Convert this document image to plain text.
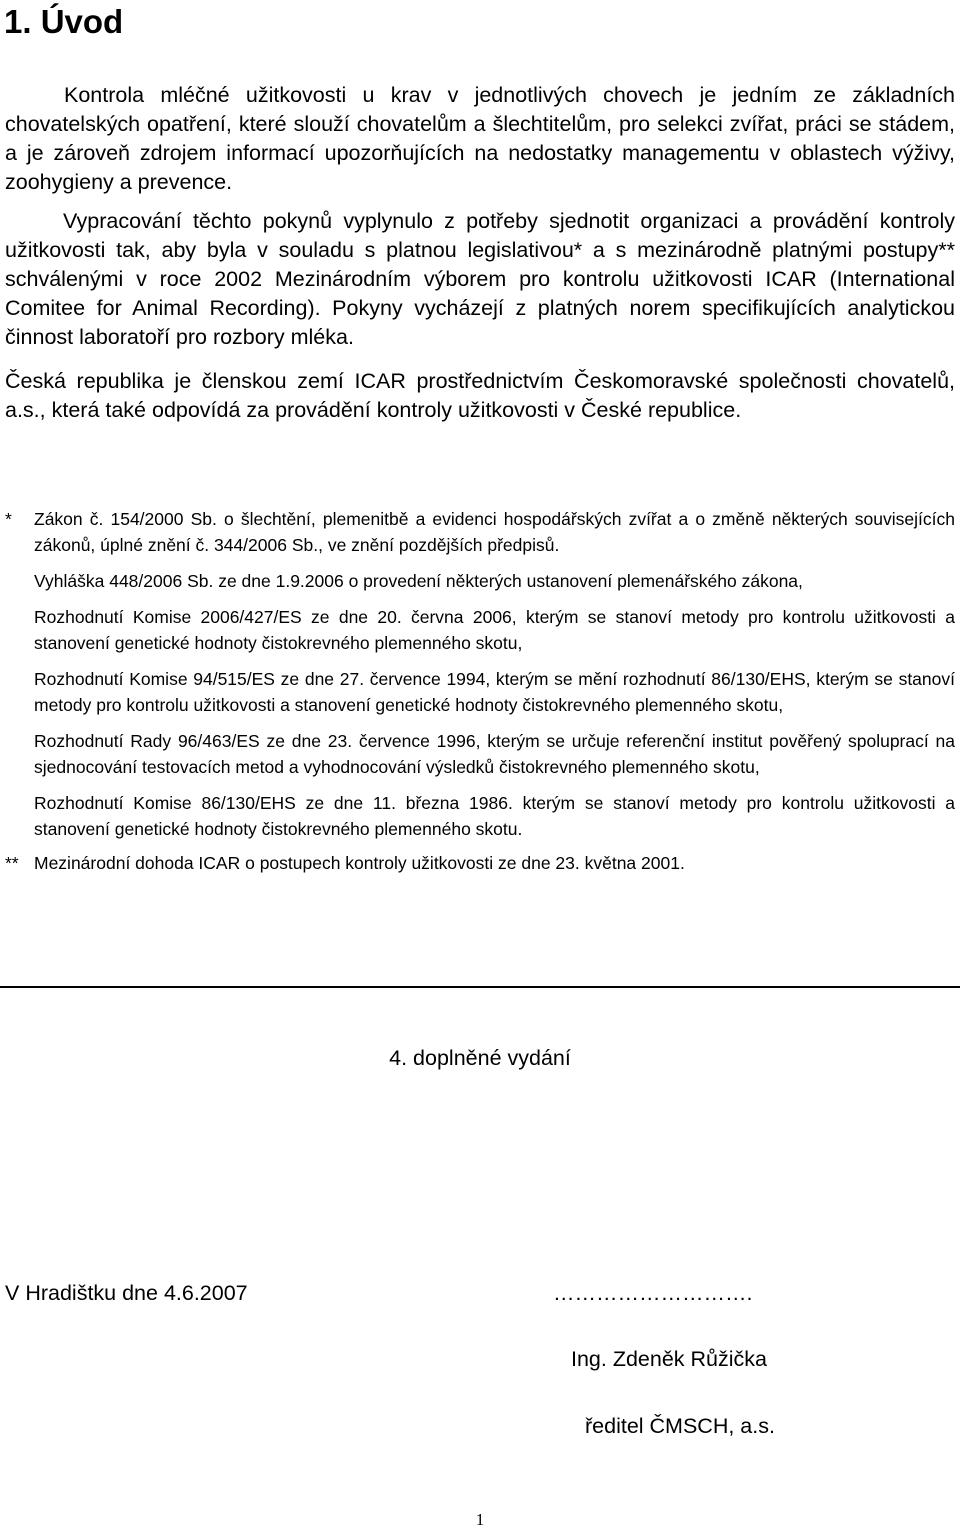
1. Úvod

Kontrola mléčné užitkovosti u krav v jednotlivých chovech je jedním ze základních chovatelských opatření, které slouží chovatelům a šlechtitelům, pro selekci zvířat, práci se stádem, a je zároveň zdrojem informací upozorňujících na nedostatky managementu v oblastech výživy, zoohygieny a prevence.

Vypracování těchto pokynů vyplynulo z potřeby sjednotit organizaci a provádění kontroly užitkovosti tak, aby byla v souladu s platnou legislativou* a s mezinárodně platnými postupy** schválenými v roce 2002 Mezinárodním výborem pro kontrolu užitkovosti ICAR (International Comitee for Animal Recording). Pokyny vycházejí z platných norem specifikujících analytickou činnost laboratoří pro rozbory mléka.

Česká republika je členskou zemí ICAR prostřednictvím Českomoravské společnosti chovatelů, a.s., která také odpovídá za provádění kontroly užitkovosti v České republice.

* Zákon č. 154/2000 Sb. o šlechtění, plemenitbě a evidenci hospodářských zvířat a o změně některých souvisejících zákonů, úplné znění č. 344/2006 Sb., ve znění pozdějších předpisů.
Vyhláška 448/2006 Sb. ze dne 1.9.2006 o provedení některých ustanovení plemenářského zákona,
Rozhodnutí Komise 2006/427/ES ze dne 20. června 2006, kterým se stanoví metody pro kontrolu užitkovosti a stanovení genetické hodnoty čistokrevného plemenného skotu,
Rozhodnutí Komise 94/515/ES ze dne 27. července 1994, kterým se mění rozhodnutí 86/130/EHS, kterým se stanoví metody pro kontrolu užitkovosti a stanovení genetické hodnoty čistokrevného plemenného skotu,
Rozhodnutí Rady 96/463/ES ze dne 23. července 1996, kterým se určuje referenční institut pověřený spoluprací na sjednocování testovacích metod a vyhodnocování výsledků čistokrevného plemenného skotu,
Rozhodnutí Komise 86/130/EHS ze dne 11. března 1986. kterým se stanoví metody pro kontrolu užitkovosti a stanovení genetické hodnoty čistokrevného plemenného skotu.
** Mezinárodní dohoda ICAR o postupech kontroly užitkovosti ze dne 23. května 2001.
4. doplněné vydání
V Hradištku dne 4.6.2007	……………………….
Ing. Zdeněk Růžička
ředitel ČMSCH, a.s.
1
